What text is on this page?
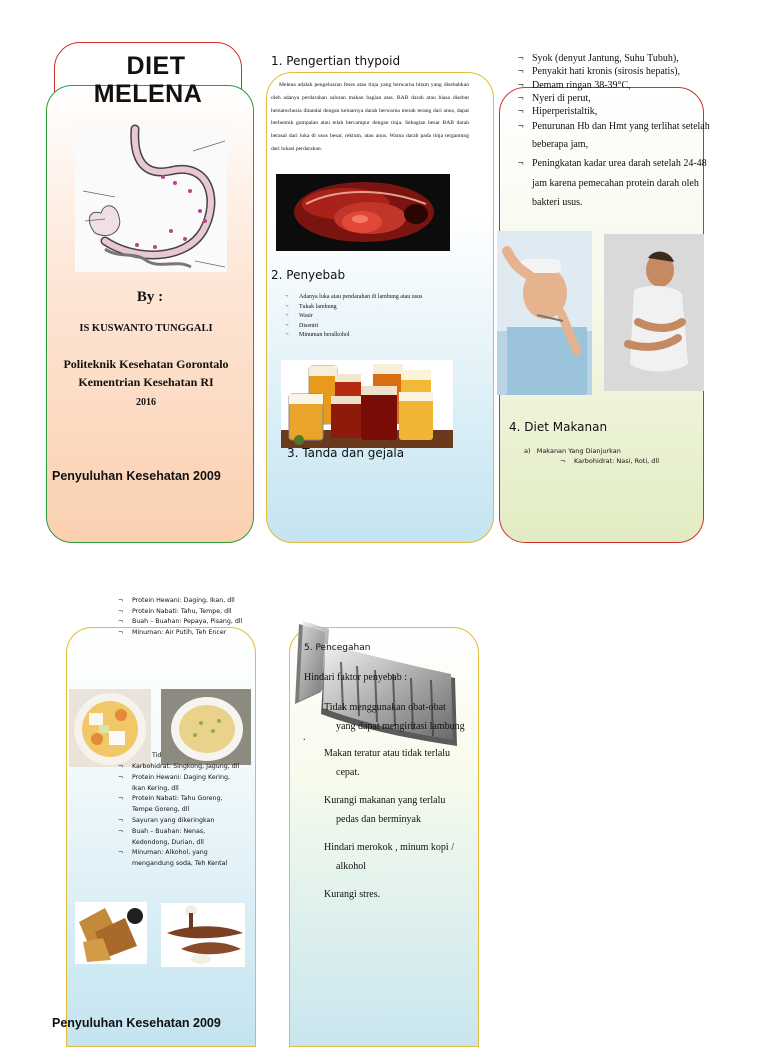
DIET
MELENA
By :
IS KUSWANTO TUNGGALI
Politeknik Kesehatan Gorontalo
Kementrian Kesehatan RI
2016
Penyuluhan Kesehatan 2009
1. Pengertian thypoid
Melena adalah pengeluaran feses atau tinja yang berwarna hitam yang disebabkan oleh adanya perdarahan saluran makan bagian atas. BAB darah atau biasa disebut hematochezia ditandai dengan keluarnya darah berwarna merah terang dari anus, dapat berbentuk gumpalan atau telah bercampur dengan tinja. Sebagian besar BAB darah berasal dari luka di usus besar, rektum, atau anus. Warna darah pada tinja tergantung dari lokasi perdarahan.
2. Penyebab
¬ Adanya luka atau pendarahan di lambung atau usus
¬ Tukak lambung
¬ Wasir
¬ Disentri
¬ Minuman beralkohol
3. Tanda dan gejala
¬ Syok (denyut Jantung, Suhu Tubuh),
¬ Penyakit hati kronis (sirosis hepatis),
¬ Demam ringan 38-39°C,
¬ Nyeri di perut,
¬ Hiperperistaltik,
¬ Penurunan Hb dan Hmt yang terlihat setelah beberapa jam,
¬ Peningkatan kadar urea darah setelah 24-48 jam karena pemecahan protein darah oleh bakteri usus.
4. Diet Makanan
a)   Makanan Yang Dianjurkan
¬ Karbohidrat: Nasi, Roti, dll
¬ Protein Hewani: Daging, Ikan, dll
¬ Protein Nabati: Tahu, Tempe, dll
¬ Buah – Buahan: Pepaya, Pisang, dll
¬ Minuman: Air Putih, Teh Encer
Tid
¬ Karbohidrat: Singkong, Jagung, dll
¬ Protein Hewani: Daging Kering, Ikan Kering, dll
¬ Protein Nabati: Tahu Goreng, Tempe Goreng, dll
¬ Sayuran yang dikeringkan
¬ Buah – Buahan: Nenas, Kedondong, Durian, dll
¬ Minuman: Alkohol, yang mengandung soda, Teh Kental
Penyuluhan Kesehatan 2009
5. Pencegahan
Hindari faktor penyebab :
.
Tidak menggunakan obat-obat yang dapat mengiritasi lambung
Makan teratur atau tidak terlalu cepat.
Kurangi makanan yang terlalu pedas dan berminyak
Hindari merokok , minum kopi / alkohol
Kurangi stres.
